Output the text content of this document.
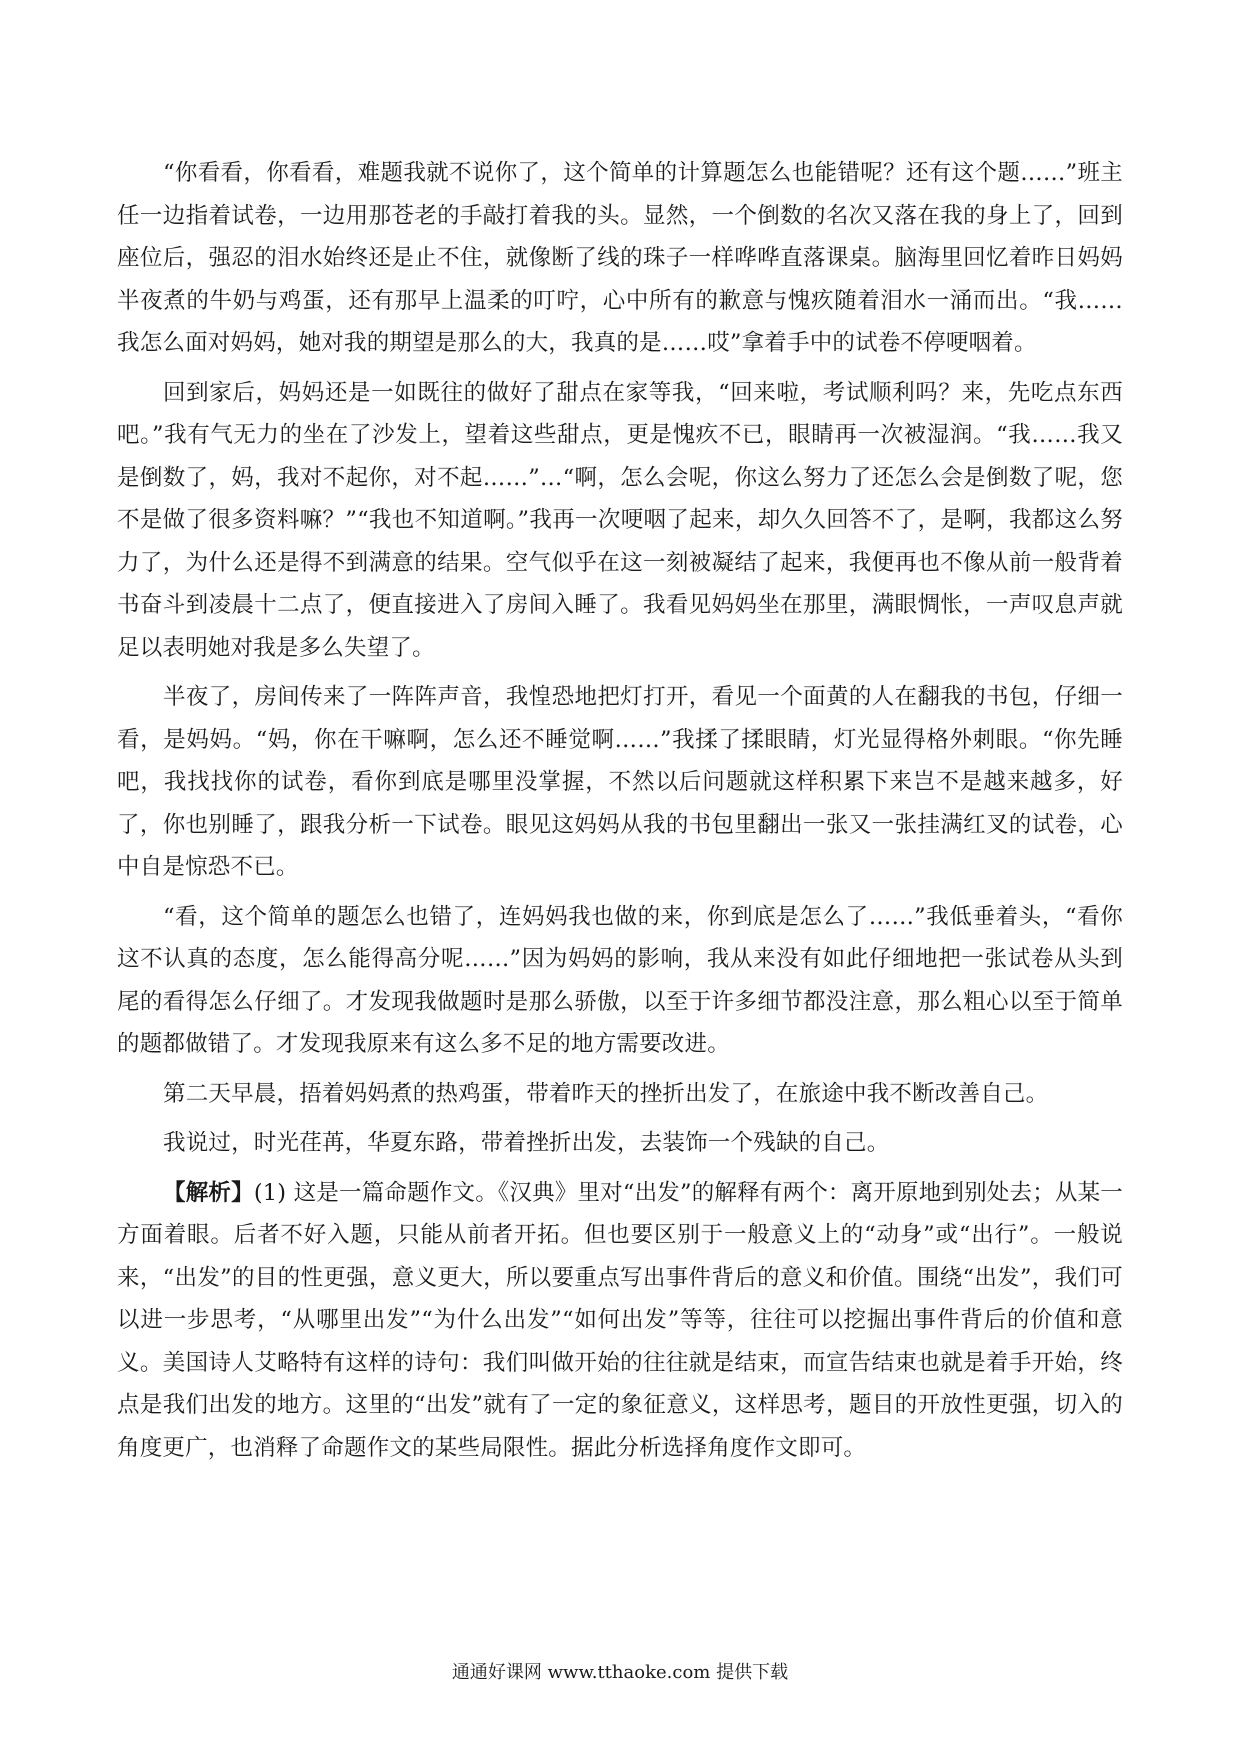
“你看看，你看看，难题我就不说你了，这个简单的计算题怎么也能错呢？还有这个题……”班主任一边指着试卷，一边用那苍老的手敲打着我的头。显然，一个倒数的名次又落在我的身上了，回到座位后，强忍的泪水始终还是止不住，就像断了线的珠子一样哗哗直落课桌。脑海里回忆着昨日妈妈半夜煮的牛奶与鸡蛋，还有那早上温柔的叮咛，心中所有的歉意与愧疚随着泪水一涌而出。“我……我怎么面对妈妈，她对我的期望是那么的大，我真的是……哎”拿着手中的试卷不停哽咽着。

回到家后，妈妈还是一如既往的做好了甜点在家等我，“回来啦，考试顺利吗？来，先吃点东西吧。”我有气无力的坐在了沙发上，望着这些甜点，更是愧疚不已，眼睛再一次被湿润。“我……我又是倒数了，妈，我对不起你，对不起……”…“啊，怎么会呢，你这么努力了还怎么会是倒数了呢，您不是做了很多资料嘛？”“我也不知道啊。”我再一次哽咽了起来，却久久回答不了，是啊，我都这么努力了，为什么还是得不到满意的结果。空气似乎在这一刻被凝结了起来，我便再也不像从前一般背着书奋斗到凌晨十二点了，便直接进入了房间入睡了。我看见妈妈坐在那里，满眼惆怅，一声叹息声就足以表明她对我是多么失望了。

半夜了，房间传来了一阵阵声音，我惶恐地把灯打开，看见一个面黄的人在翻我的书包，仔细一看，是妈妈。“妈，你在干嘛啊，怎么还不睡觉啊……”我揉了揉眼睛，灯光显得格外刺眼。“你先睡吧，我找找你的试卷，看你到底是哪里没掌握，不然以后问题就这样积累下来岂不是越来越多，好了，你也别睡了，跟我分析一下试卷。眼见这妈妈从我的书包里翻出一张又一张挂满红叉的试卷，心中自是惊恐不已。

“看，这个简单的题怎么也错了，连妈妈我也做的来，你到底是怎么了……”我低垂着头，“看你这不认真的态度，怎么能得高分呢……”因为妈妈的影响，我从来没有如此仔细地把一张试卷从头到尾的看得怎么仔细了。才发现我做题时是那么骄傲，以至于许多细节都没注意，那么粗心以至于简单的题都做错了。才发现我原来有这么多不足的地方需要改进。

第二天早晨，捂着妈妈煮的热鸡蛋，带着昨天的挫折出发了，在旅途中我不断改善自己。

我说过，时光荏苒，华夏东路，带着挫折出发，去装饰一个残缺的自己。

【解析】(1) 这是一篇命题作文。《汉典》里对“出发”的解释有两个：离开原地到别处去；从某一方面着眼。后者不好入题，只能从前者开拓。但也要区别于一般意义上的“动身”或“出行”。一般说来，“出发”的目的性更强，意义更大，所以要重点写出事件背后的意义和价值。围绕“出发”，我们可以进一步思考，“从哪里出发”“为什么出发”“如何出发”等等，往往可以挖掘出事件背后的价值和意义。美国诗人艾略特有这样的诗句：我们叫做开始的往往就是结束，而宣告结束也就是着手开始，终点是我们出发的地方。这里的“出发”就有了一定的象征意义，这样思考，题目的开放性更强，切入的角度更广，也消释了命题作文的某些局限性。据此分析选择角度作文即可。

通通好课网 www.tthaoke.com 提供下载
